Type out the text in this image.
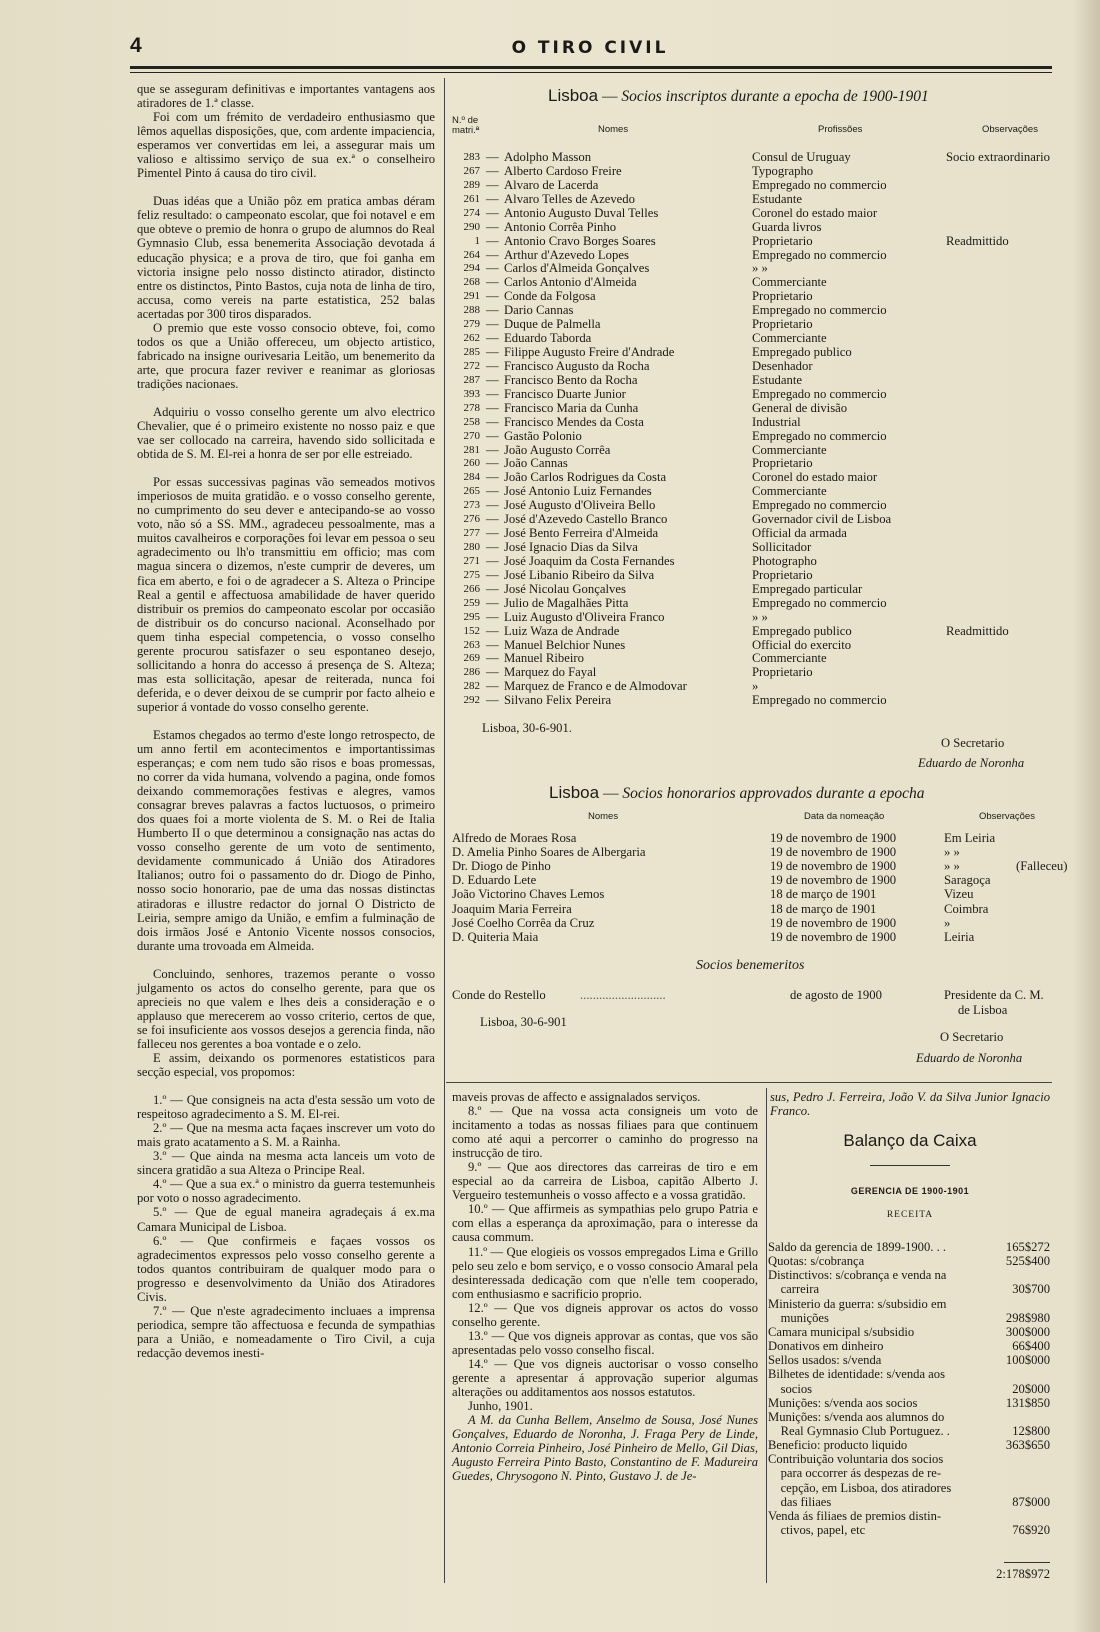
4	O TIRO CIVIL

que se asseguram definitivas e importantes vantagens aos atiradores de 1.ª classe.

Foi com um frémito de verdadeiro enthusiasmo que lêmos aquellas disposições, que, com ardente impaciencia, esperamos ver convertidas em lei, a assegurar mais um valioso e altissimo serviço de sua ex.ª o conselheiro Pimentel Pinto á causa do tiro civil.

Duas idéas que a União pôz em pratica ambas déram feliz resultado: o campeonato escolar, que foi notavel e em que obteve o premio de honra o grupo de alumnos do Real Gymnasio Club, essa benemerita Associação devotada á educação physica; e a prova de tiro, que foi ganha em victoria insigne pelo nosso distincto atirador, distincto entre os distinctos, Pinto Bastos, cuja nota de linha de tiro, accusa, como vereis na parte estatistica, 252 balas acertadas por 300 tiros disparados.

O premio que este vosso consocio obteve, foi, como todos os que a União offereceu, um objecto artistico, fabricado na insigne ourivesaria Leitão, um benemerito da arte, que procura fazer reviver e reanimar as gloriosas tradições nacionaes.

Adquiriu o vosso conselho gerente um alvo electrico Chevalier, que é o primeiro existente no nosso paiz e que vae ser collocado na carreira, havendo sido sollicitada e obtida de S. M. El-rei a honra de ser por elle estreiado.

Por essas successivas paginas vão semeados motivos imperiosos de muita gratidão. e o vosso conselho gerente, no cumprimento do seu dever e antecipando-se ao vosso voto, não só a SS. MM., agradeceu pessoalmente, mas a muitos cavalheiros e corporações foi levar em pessoa o seu agradecimento ou lh'o transmittiu em officio; mas com magua sincera o dizemos, n'este cumprir de deveres, um fica em aberto, e foi o de agradecer a S. Alteza o Principe Real a gentil e affectuosa amabilidade de haver querido distribuir os premios do campeonato escolar por occasião de distribuir os do concurso nacional. Aconselhado por quem tinha especial competencia, o vosso conselho gerente procurou satisfazer o seu espontaneo desejo, sollicitando a honra do accesso á presença de S. Alteza; mas esta sollicitação, apesar de reiterada, nunca foi deferida, e o dever deixou de se cumprir por facto alheio e superior á vontade do vosso conselho gerente.

Estamos chegados ao termo d'este longo retrospecto, de um anno fertil em acontecimentos e importantissimas esperanças; e com nem tudo são risos e boas promessas, no correr da vida humana, volvendo a pagina, onde fomos deixando commemorações festivas e alegres, vamos consagrar breves palavras a factos luctuosos, o primeiro dos quaes foi a morte violenta de S. M. o Rei de Italia Humberto II o que determinou a consignação nas actas do vosso conselho gerente de um voto de sentimento, devidamente communicado á União dos Atiradores Italianos; outro foi o passamento do dr. Diogo de Pinho, nosso socio honorario, pae de uma das nossas distinctas atiradoras e illustre redactor do jornal O Districto de Leiria, sempre amigo da União, e emfim a fulminação de dois irmãos José e Antonio Vicente nossos consocios, durante uma trovoada em Almeida.

Concluindo, senhores, trazemos perante o vosso julgamento os actos do conselho gerente, para que os aprecieis no que valem e lhes deis a consideração e o applauso que merecerem ao vosso criterio, certos de que, se foi insuficiente aos vossos desejos a gerencia finda, não falleceu nos gerentes a boa vontade e o zelo.

E assim, deixando os pormenores estatisticos para secção especial, vos propomos:

1.º — Que consigneis na acta d'esta sessão um voto de respeitoso agradecimento a S. M. El-rei.

2.º — Que na mesma acta façaes inscrever um voto do mais grato acatamento a S. M. a Rainha.

3.º — Que ainda na mesma acta lanceis um voto de sincera gratidão a sua Alteza o Principe Real.

4.º — Que a sua ex.ª o ministro da guerra testemunheis por voto o nosso agradecimento.

5.º — Que de egual maneira agradeçais á ex.ma Camara Municipal de Lisboa.

6.º — Que confirmeis e façaes vossos os agradecimentos expressos pelo vosso conselho gerente a todos quantos contribuiram de qualquer modo para o progresso e desenvolvimento da União dos Atiradores Civis.

7.º — Que n'este agradecimento incluaes a imprensa periodica, sempre tão affectuosa e fecunda de sympathias para a União, e nomeadamente o Tiro Civil, a cuja redacção devemos inesti-

Lisboa — Socios inscriptos durante a epocha de 1900-1901
N.º de matri.ª	Nomes	Profissões	Observações
283 — Adolpho Masson	Consul de Uruguay	Socio extraordinario
267 — Alberto Cardoso Freire	Typographo
289 — Alvaro de Lacerda	Empregado no commercio
261 — Alvaro Telles de Azevedo	Estudante
274 — Antonio Augusto Duval Telles	Coronel do estado maior
290 — Antonio Corrêa Pinho	Guarda livros
1 — Antonio Cravo Borges Soares	Proprietario	Readmittido
264 — Arthur d'Azevedo Lopes	Empregado no commercio
294 — Carlos d'Almeida Gonçalves	» »
268 — Carlos Antonio d'Almeida	Commerciante
291 — Conde da Folgosa	Proprietario
288 — Dario Cannas	Empregado no commercio
279 — Duque de Palmella	Proprietario
262 — Eduardo Taborda	Commerciante
285 — Filippe Augusto Freire d'Andrade	Empregado publico
272 — Francisco Augusto da Rocha	Desenhador
287 — Francisco Bento da Rocha	Estudante
393 — Francisco Duarte Junior	Empregado no commercio
278 — Francisco Maria da Cunha	General de divisão
258 — Francisco Mendes da Costa	Industrial
270 — Gastão Polonio	Empregado no commercio
281 — João Augusto Corrêa	Commerciante
260 — João Cannas	Proprietario
284 — João Carlos Rodrigues da Costa	Coronel do estado maior
265 — José Antonio Luiz Fernandes	Commerciante
273 — José Augusto d'Oliveira Bello	Empregado no commercio
276 — José d'Azevedo Castello Branco	Governador civil de Lisboa
277 — José Bento Ferreira d'Almeida	Official da armada
280 — José Ignacio Dias da Silva	Sollicitador
271 — José Joaquim da Costa Fernandes	Photographo
275 — José Libanio Ribeiro da Silva	Proprietario
266 — José Nicolau Gonçalves	Empregado particular
259 — Julio de Magalhães Pitta	Empregado no commercio
295 — Luiz Augusto d'Oliveira Franco	» »
152 — Luiz Waza de Andrade	Empregado publico	Readmittido
263 — Manuel Belchior Nunes	Official do exercito
269 — Manuel Ribeiro	Commerciante
286 — Marquez do Fayal	Proprietario
282 — Marquez de Franco e de Almodovar	»
292 — Silvano Felix Pereira	Empregado no commercio
Lisboa, 30-6-901.
O Secretario
Eduardo de Noronha
Lisboa — Socios honorarios approvados durante a epocha
Nomes	Data da nomeação	Observações
Alfredo de Moraes Rosa	19 de novembro de 1900	Em Leiria
D. Amelia Pinho Soares de Albergaria	19 de novembro de 1900	» »
Dr. Diogo de Pinho	19 de novembro de 1900	» »	(Falleceu)
D. Eduardo Lete	19 de novembro de 1900	Saragoça
João Victorino Chaves Lemos	18 de março de 1901	Vizeu
Joaquim Maria Ferreira	18 de março de 1901	Coimbra
José Coelho Corrêa da Cruz	19 de novembro de 1900	»
D. Quiteria Maia	19 de novembro de 1900	Leiria
Socios benemeritos
Conde do Restello	...........................	de agosto de 1900	Presidente da C. M.
de Lisboa
Lisboa, 30-6-901
O Secretario
Eduardo de Noronha

maveis provas de affecto e assignalados serviços.

8.º — Que na vossa acta consigneis um voto de incitamento a todas as nossas filiaes para que continuem como até aqui a percorrer o caminho do progresso na instrucção de tiro.

9.º — Que aos directores das carreiras de tiro e em especial ao da carreira de Lisboa, capitão Alberto J. Vergueiro testemunheis o vosso affecto e a vossa gratidão.

10.º — Que affirmeis as sympathias pelo grupo Patria e com ellas a esperança da aproximação, para o interesse da causa commum.

11.º — Que elogieis os vossos empregados Lima e Grillo pelo seu zelo e bom serviço, e o vosso consocio Amaral pela desinteressada dedicação com que n'elle tem cooperado, com enthusiasmo e sacrificio proprio.

12.º — Que vos digneis approvar os actos do vosso conselho gerente.

13.º — Que vos digneis approvar as contas, que vos são apresentadas pelo vosso conselho fiscal.

14.º — Que vos digneis auctorisar o vosso conselho gerente a apresentar á approvação superior algumas alterações ou additamentos aos nossos estatutos.

Junho, 1901.

A M. da Cunha Bellem, Anselmo de Sousa, José Nunes Gonçalves, Eduardo de Noronha, J. Fraga Pery de Linde, Antonio Correia Pinheiro, José Pinheiro de Mello, Gil Dias, Augusto Ferreira Pinto Basto, Constantino de F. Madureira Guedes, Chrysogono N. Pinto, Gustavo J. de Je-

sus, Pedro J. Ferreira, João V. da Silva Junior Ignacio Franco.

Balanço da Caixa
GERENCIA DE 1900-1901
RECEITA
Saldo da gerencia de 1899-1900. . .	165$272
Quotas: s/cobrança	525$400
Distinctivos: s/cobrança e venda na
carreira	30$700
Ministerio da guerra: s/subsidio em
munições	298$980
Camara municipal s/subsidio	300$000
Donativos em dinheiro	66$400
Sellos usados: s/venda	100$000
Bilhetes de identidade: s/venda aos
socios	20$000
Munições: s/venda aos socios	131$850
Munições: s/venda aos alumnos do
Real Gymnasio Club Portuguez. .	12$800
Beneficio: producto liquido	363$650
Contribuição voluntaria dos socios
para occorrer ás despezas de re-
cepção, em Lisboa, dos atiradores
das filiaes	87$000
Venda ás filiaes de premios distin-
ctivos, papel, etc	76$920
2:178$972
